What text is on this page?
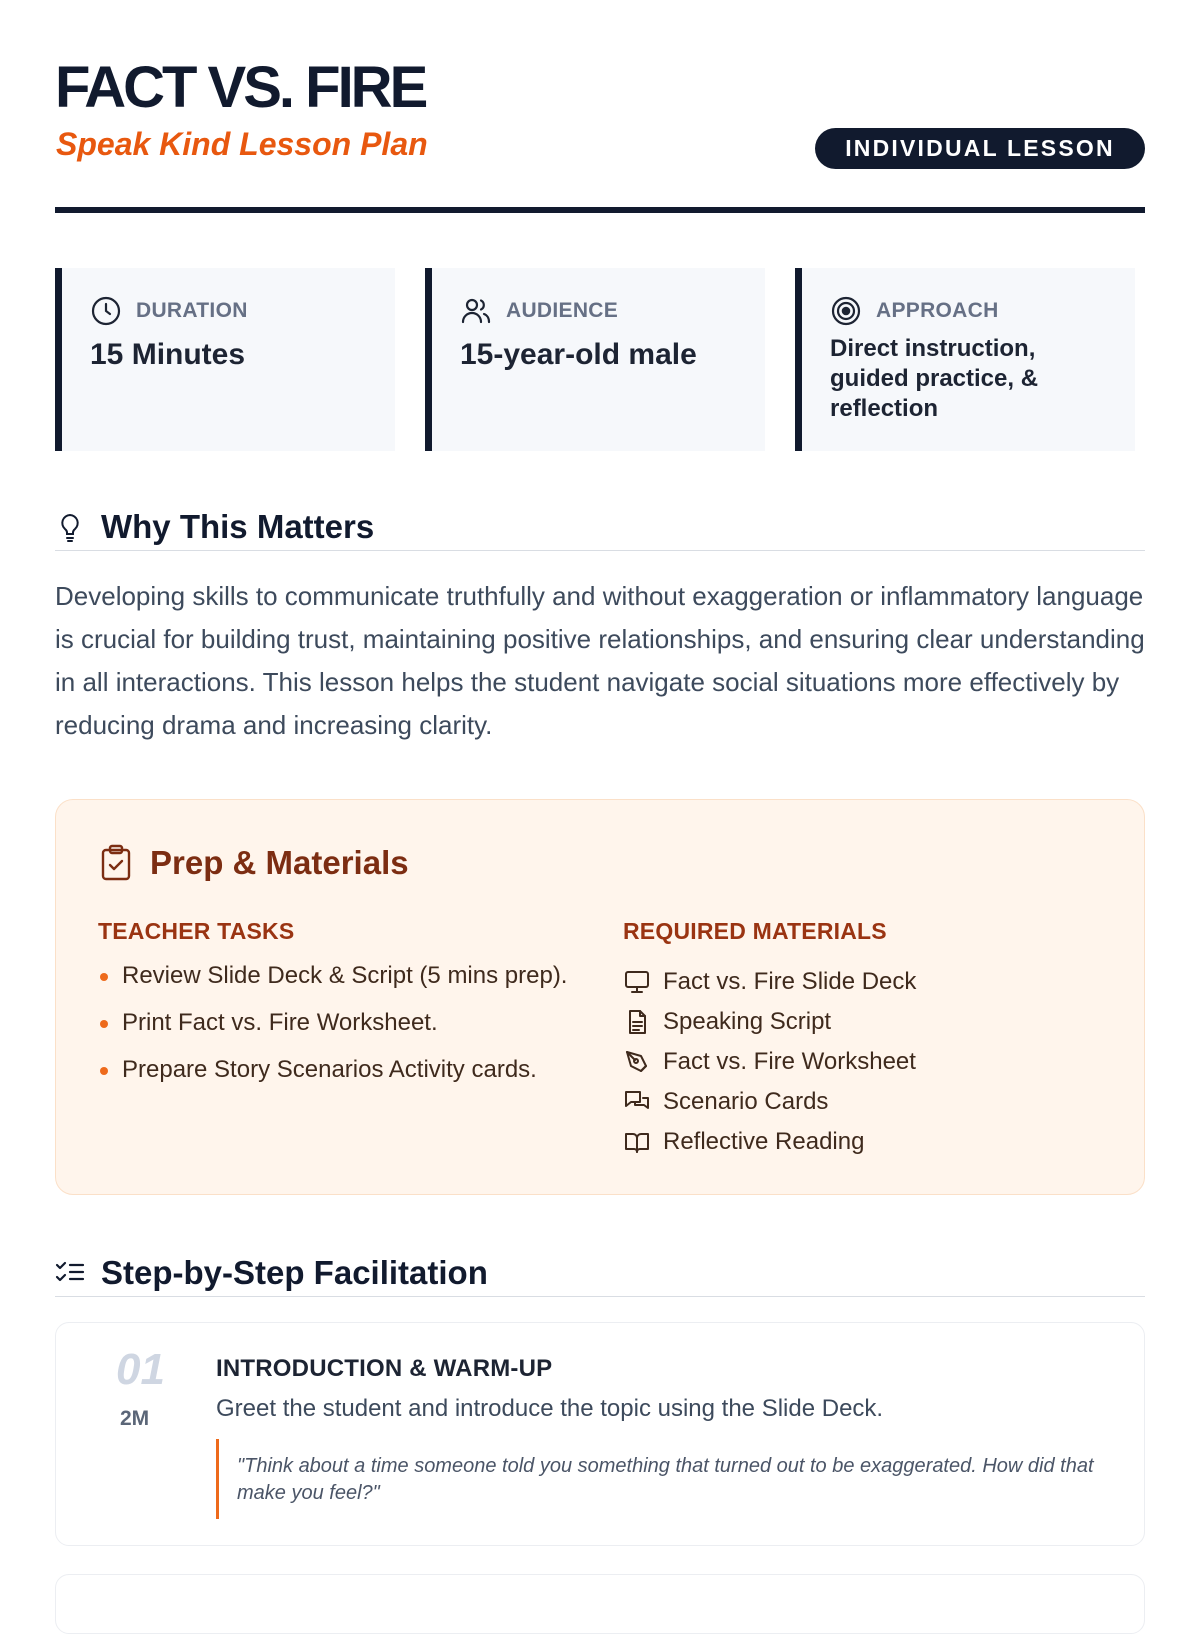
FACT VS. FIRE
Speak Kind Lesson Plan	INDIVIDUAL LESSON
DURATION
15 Minutes
AUDIENCE
15-year-old male
APPROACH
Direct instruction, guided practice, & reflection
Why This Matters

Developing skills to communicate truthfully and without exaggeration or inflammatory language is crucial for building trust, maintaining positive relationships, and ensuring clear understanding in all interactions. This lesson helps the student navigate social situations more effectively by reducing drama and increasing clarity.

Prep & Materials
TEACHER TASKS
Review Slide Deck & Script (5 mins prep).
Print Fact vs. Fire Worksheet.
Prepare Story Scenarios Activity cards.
REQUIRED MATERIALS
Fact vs. Fire Slide Deck
Speaking Script
Fact vs. Fire Worksheet
Scenario Cards
Reflective Reading
Step-by-Step Facilitation
01
2M
INTRODUCTION & WARM-UP
Greet the student and introduce the topic using the Slide Deck.
"Think about a time someone told you something that turned out to be exaggerated. How did that make you feel?"
